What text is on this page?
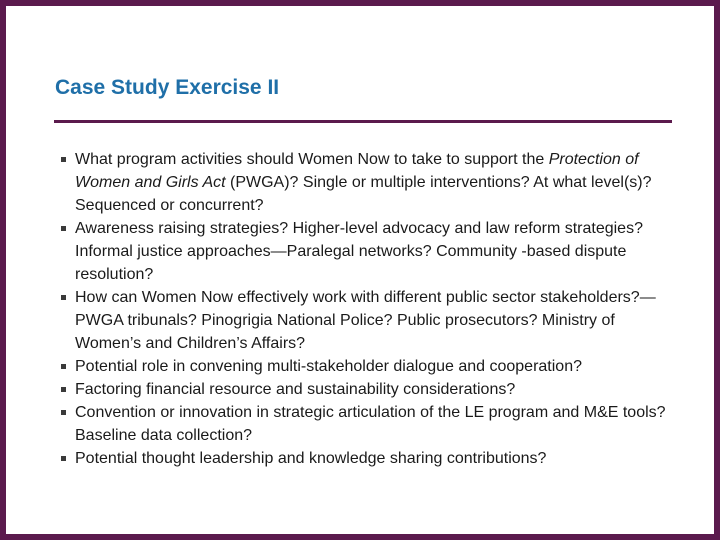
Case Study Exercise II
What program activities should Women Now to take to support the Protection of Women and Girls Act (PWGA)? Single or multiple interventions? At what level(s)? Sequenced or concurrent?
Awareness raising strategies? Higher-level advocacy and law reform strategies? Informal justice approaches—Paralegal networks? Community -based dispute resolution?
How can Women Now effectively work with different public sector stakeholders?—PWGA tribunals? Pinogrigia National Police? Public prosecutors? Ministry of Women’s and Children’s Affairs?
Potential role in convening multi-stakeholder dialogue and cooperation?
Factoring financial resource and sustainability considerations?
Convention or innovation in strategic articulation of the LE program and M&E tools? Baseline data collection?
Potential thought leadership and knowledge sharing contributions?
